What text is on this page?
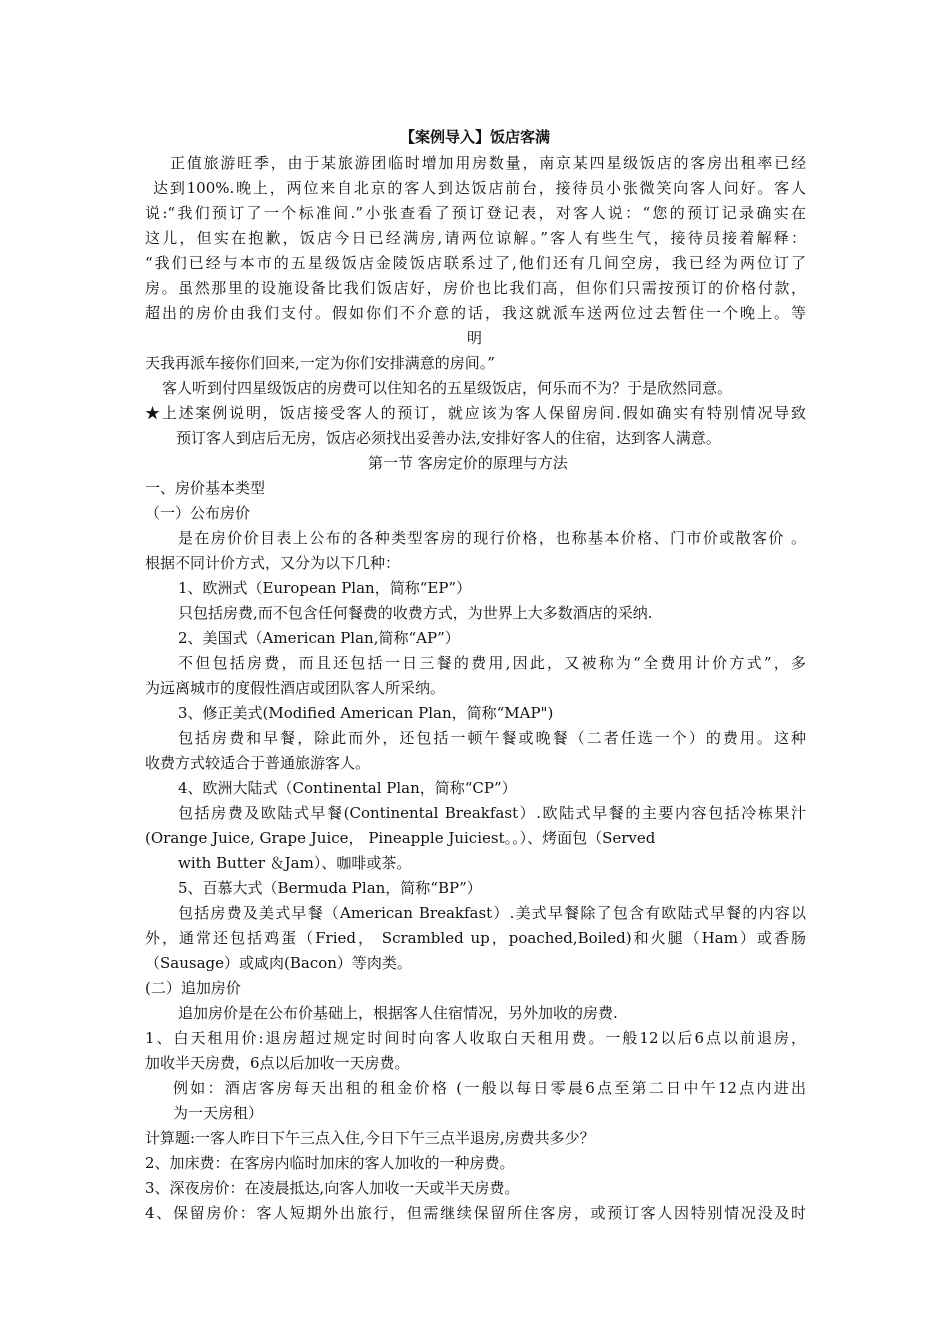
【案例导入】饭店客满
正值旅游旺季，由于某旅游团临时增加用房数量，南京某四星级饭店的客房出租率已经
达到100%.晚上，两位来自北京的客人到达饭店前台，接待员小张微笑向客人问好。客人
说:“我们预订了一个标准间.”小张查看了预订登记表，对客人说：“您的预订记录确实在
这儿，但实在抱歉，饭店今日已经满房,请两位谅解。”客人有些生气，接待员接着解释：
“我们已经与本市的五星级饭店金陵饭店联系过了,他们还有几间空房，我已经为两位订了
房。虽然那里的设施设备比我们饭店好，房价也比我们高，但你们只需按预订的价格付款，
超出的房价由我们支付。假如你们不介意的话，我这就派车送两位过去暂住一个晚上。等
明
天我再派车接你们回来,一定为你们安排满意的房间。”
客人听到付四星级饭店的房费可以住知名的五星级饭店，何乐而不为？于是欣然同意。
★上述案例说明，饭店接受客人的预订，就应该为客人保留房间.假如确实有特别情况导致
预订客人到店后无房，饭店必须找出妥善办法,安排好客人的住宿，达到客人满意。
第一节 客房定价的原理与方法
一、房价基本类型
（一）公布房价
是在房价价目表上公布的各种类型客房的现行价格，也称基本价格、门市价或散客价 。
根据不同计价方式，又分为以下几种：
1、欧洲式（European Plan，简称“EP”）
只包括房费,而不包含任何餐费的收费方式，为世界上大多数酒店的采纳.
2、美国式（American Plan,简称“AP”）
不但包括房费，而且还包括一日三餐的费用,因此，又被称为“全费用计价方式”，多
为远离城市的度假性酒店或团队客人所采纳。
3、修正美式(Modified American Plan，简称“MAP")
包括房费和早餐，除此而外，还包括一顿午餐或晚餐（二者任选一个）的费用。这种
收费方式较适合于普通旅游客人。
4、欧洲大陆式（Continental Plan，简称“CP”）
包括房费及欧陆式早餐(Continental Breakfast）.欧陆式早餐的主要内容包括冷栋果汁
(Orange Juice, Grape Juice， Pineapple Juiciest。。）、烤面包（Served
with Butter ＆Jam）、咖啡或茶。
5、百慕大式（Bermuda Plan，简称“BP”）
包括房费及美式早餐（American Breakfast）.美式早餐除了包含有欧陆式早餐的内容以
外，通常还包括鸡蛋（Fried， Scrambled up，poached,Boiled)和火腿（Ham）或香肠
（Sausage）或咸肉(Bacon）等肉类。
(二）追加房价
追加房价是在公布价基础上，根据客人住宿情况，另外加收的房费.
1、白天租用价:退房超过规定时间时向客人收取白天租用费。一般12以后6点以前退房，
加收半天房费，6点以后加收一天房费。
例如：酒店客房每天出租的租金价格 (一般以每日零晨6点至第二日中午12点内进出
为一天房租）
计算题:一客人昨日下午三点入住,今日下午三点半退房,房费共多少？
2、加床费：在客房内临时加床的客人加收的一种房费。
3、深夜房价：在凌晨抵达,向客人加收一天或半天房费。
4、保留房价：客人短期外出旅行，但需继续保留所住客房，或预订客人因特别情况没及时
